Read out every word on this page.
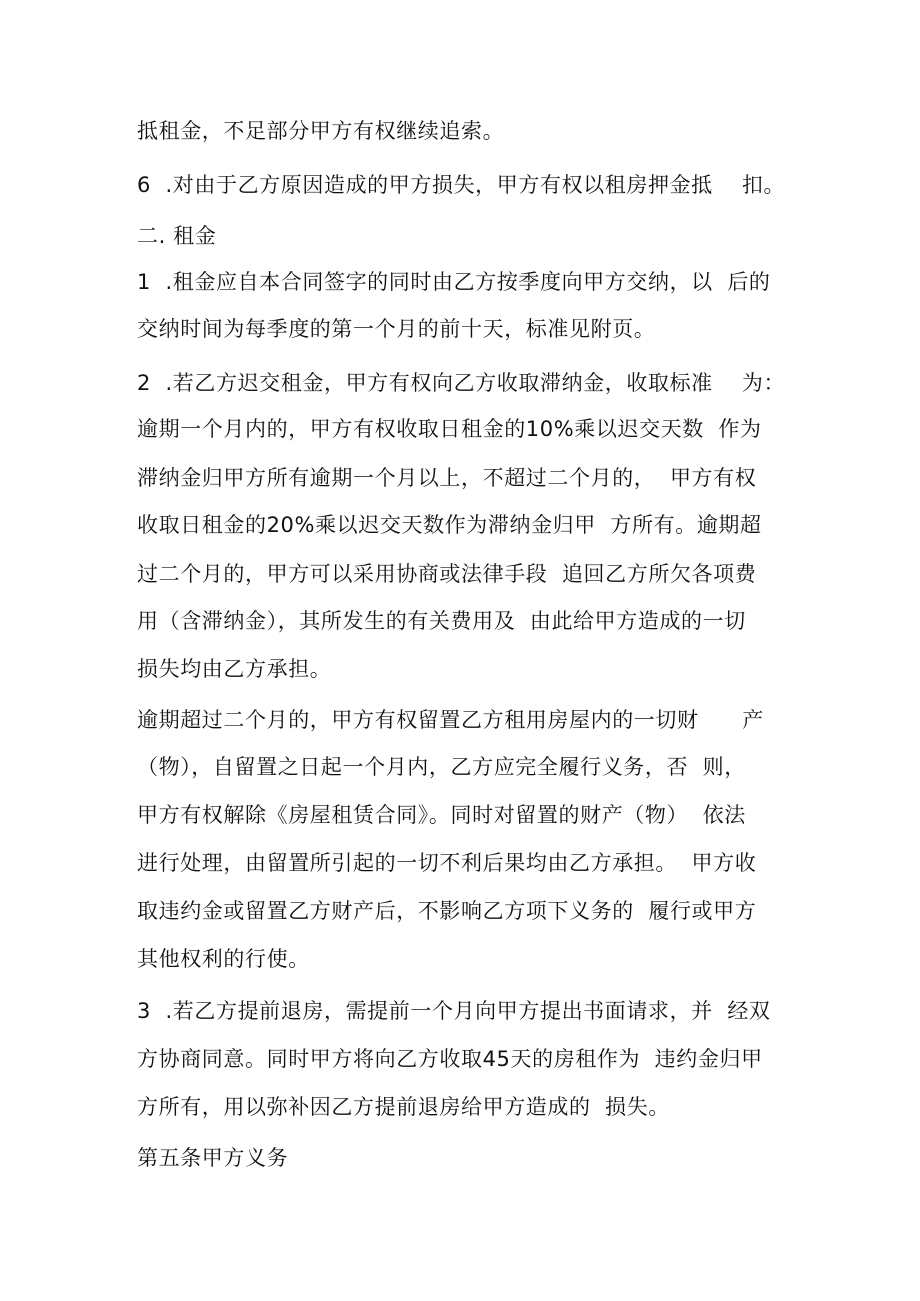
抵租金，不足部分甲方有权继续追索。
6  .对由于乙方原因造成的甲方损失，甲方有权以租房押金抵    扣。
二. 租金
1  .租金应自本合同签字的同时由乙方按季度向甲方交纳，以  后的
交纳时间为每季度的第一个月的前十天，标准见附页。
2  .若乙方迟交租金，甲方有权向乙方收取滞纳金，收取标准    为：
逾期一个月内的，甲方有权收取日租金的10%乘以迟交天数  作为
滞纳金归甲方所有逾期一个月以上，不超过二个月的，  甲方有权
收取日租金的20%乘以迟交天数作为滞纳金归甲  方所有。逾期超
过二个月的，甲方可以采用协商或法律手段  追回乙方所欠各项费
用（含滞纳金），其所发生的有关费用及  由此给甲方造成的一切
损失均由乙方承担。
逾期超过二个月的，甲方有权留置乙方租用房屋内的一切财      产
（物），自留置之日起一个月内，乙方应完全履行义务，否  则，
甲方有权解除《房屋租赁合同》。同时对留置的财产（物）  依法
进行处理，由留置所引起的一切不利后果均由乙方承担。  甲方收
取违约金或留置乙方财产后，不影响乙方项下义务的  履行或甲方
其他权利的行使。
3  .若乙方提前退房，需提前一个月向甲方提出书面请求，并  经双
方协商同意。同时甲方将向乙方收取45天的房租作为  违约金归甲
方所有，用以弥补因乙方提前退房给甲方造成的  损失。
第五条甲方义务
